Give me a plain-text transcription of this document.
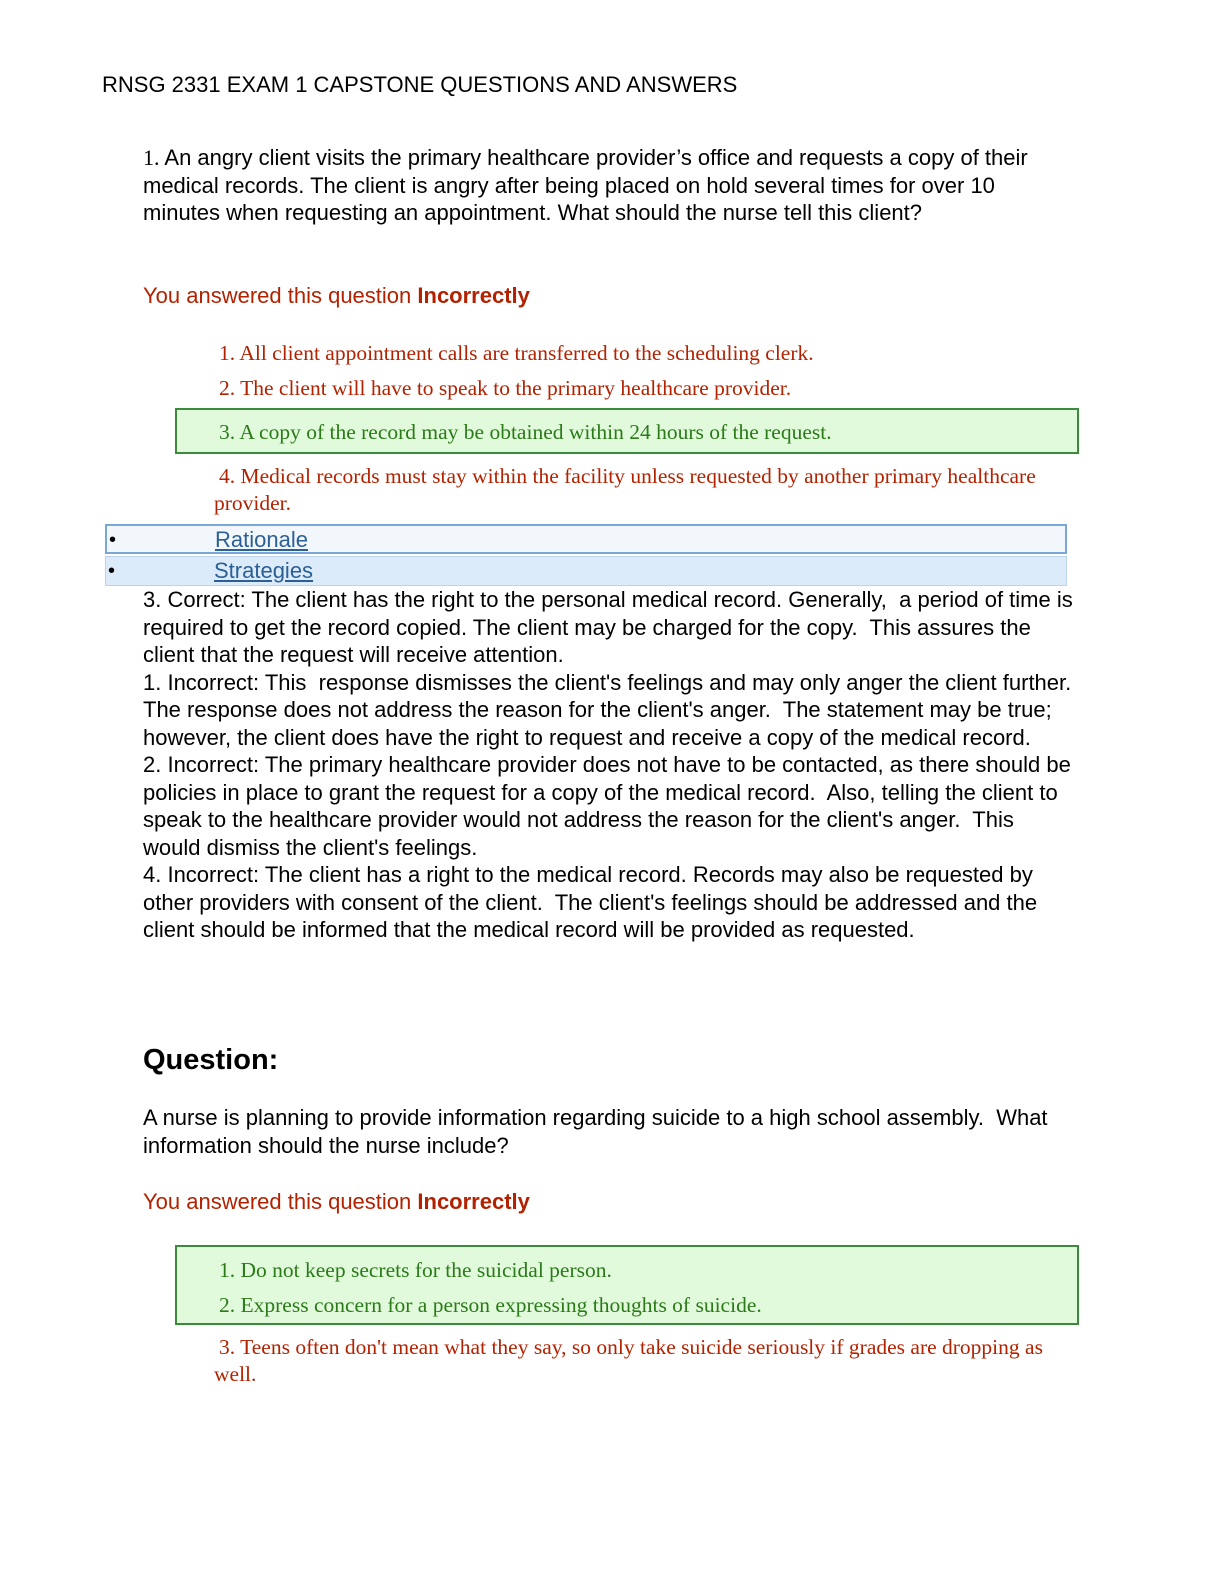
RNSG 2331 EXAM 1 CAPSTONE QUESTIONS AND ANSWERS
1. An angry client visits the primary healthcare provider’s office and requests a copy of their medical records. The client is angry after being placed on hold several times for over 10 minutes when requesting an appointment. What should the nurse tell this client?
You answered this question Incorrectly
1. All client appointment calls are transferred to the scheduling clerk.
2. The client will have to speak to the primary healthcare provider.
3. A copy of the record may be obtained within 24 hours of the request.
4. Medical records must stay within the facility unless requested by another primary healthcare provider.
•	Rationale
•	Strategies
3. Correct: The client has the right to the personal medical record. Generally,  a period of time is required to get the record copied. The client may be charged for the copy.  This assures the client that the request will receive attention.
1. Incorrect: This  response dismisses the client's feelings and may only anger the client further.  The response does not address the reason for the client's anger.  The statement may be true; however, the client does have the right to request and receive a copy of the medical record.
2. Incorrect: The primary healthcare provider does not have to be contacted, as there should be policies in place to grant the request for a copy of the medical record.  Also, telling the client to speak to the healthcare provider would not address the reason for the client's anger.  This would dismiss the client's feelings.
4. Incorrect: The client has a right to the medical record. Records may also be requested by other providers with consent of the client.  The client's feelings should be addressed and the client should be informed that the medical record will be provided as requested.
Question:
A nurse is planning to provide information regarding suicide to a high school assembly.  What information should the nurse include?
You answered this question Incorrectly
1. Do not keep secrets for the suicidal person.
2. Express concern for a person expressing thoughts of suicide.
3. Teens often don't mean what they say, so only take suicide seriously if grades are dropping as well.
